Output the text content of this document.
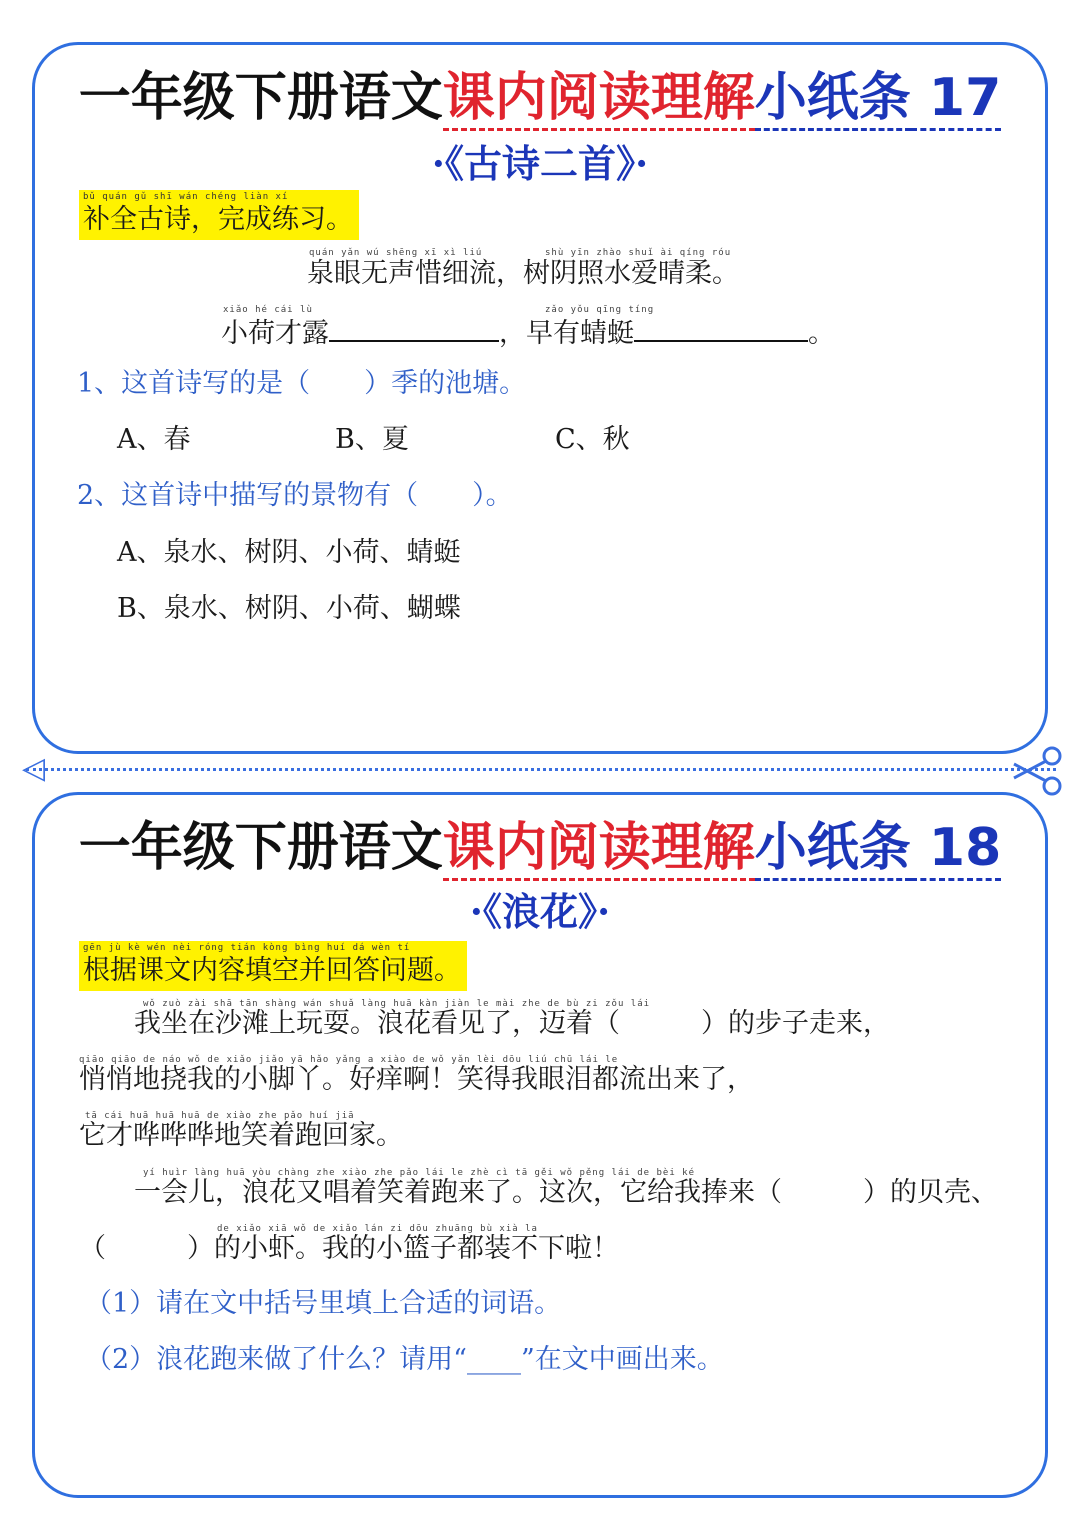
一年级下册语文课内阅读理解小纸条 17
·《古诗二首》·
bǔ quán gǔ shī wán chéng liàn xí
补全古诗，完成练习。
quán yǎn wú shēng xī xì liú	shù yīn zhào shuǐ ài qíng róu
泉眼无声惜细流，树阴照水爱晴柔。
xiǎo hé cái lù	zǎo yǒu qīng tíng
小荷才露	，早有蜻蜓	。
1、这首诗写的是（　　）季的池塘。
A、春	B、夏	C、秋
2、这首诗中描写的景物有（　　）。
A、泉水、树阴、小荷、蜻蜓
B、泉水、树阴、小荷、蝴蝶
◁
一年级下册语文课内阅读理解小纸条 18
·《浪花》·
gēn jù kè wén nèi róng tián kòng bìng huí dá wèn tí
根据课文内容填空并回答问题。
wǒ zuò zài shā tān shàng wán shuǎ làng huā kàn jiàn le mài zhe de bù zi zǒu lái
　我坐在沙滩上玩耍。浪花看见了，迈着（　　　）的步子走来，
qiāo qiāo de náo wǒ de xiǎo jiǎo yā hǎo yǎng a xiào de wǒ yǎn lèi dōu liú chū lái le
悄悄地挠我的小脚丫。好痒啊！笑得我眼泪都流出来了，
tā cái huā huā huā de xiào zhe pǎo huí jiā
它才哗哗哗地笑着跑回家。
yí huìr làng huā yòu chàng zhe xiào zhe pǎo lái le zhè cì tā gěi wǒ pěng lái de bèi ké
　一会儿，浪花又唱着笑着跑来了。这次，它给我捧来（　　　）的贝壳、
de xiǎo xiā wǒ de xiǎo lán zi dōu zhuāng bù xià la
（　　　）的小虾。我的小篮子都装不下啦！
（1）请在文中括号里填上合适的词语。
（2）浪花跑来做了什么？请用“____”在文中画出来。
